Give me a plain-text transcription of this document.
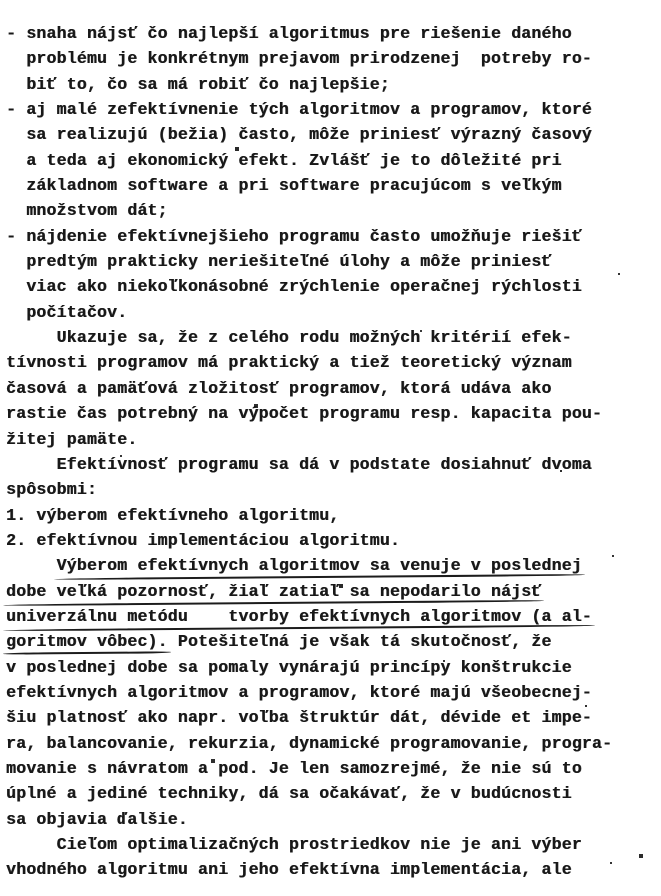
- snaha nájsť čo najlepší algoritmus pre riešenie daného
problému je konkrétnym prejavom prirodzenej  potreby ro-
biť to, čo sa má robiť čo najlepšie;
- aj malé zefektívnenie tých algoritmov a programov, ktoré
sa realizujú (bežia) často, môže priniesť výrazný časový
a teda aj ekonomický efekt. Zvlášť je to dôležité pri
základnom software a pri software pracujúcom s veľkým
množstvom dát;
- nájdenie efektívnejšieho programu často umožňuje riešiť
predtým prakticky neriešiteľné úlohy a môže priniesť
viac ako niekoľkonásobné zrýchlenie operačnej rýchlosti
počítačov.
Ukazuje sa, že z celého rodu možných kritérií efek-
tívnosti programov má praktický a tiež teoretický význam
časová a pamäťová zložitosť programov, ktorá udáva ako
rastie čas potrebný na výpočet programu resp. kapacita pou-
žitej pamäte.
Efektívnosť programu sa dá v podstate dosiahnuť dvoma
spôsobmi:
1. výberom efektívneho algoritmu,
2. efektívnou implementáciou algoritmu.
Výberom efektívnych algoritmov sa venuje v poslednej
dobe veľká pozornosť, žiaľ zatiaľ sa nepodarilo nájsť
univerzálnu metódu    tvorby efektívnych algoritmov (a al-
goritmov vôbec). Potešiteľná je však tá skutočnosť, že
v poslednej dobe sa pomaly vynárajú princípy konštrukcie
efektívnych algoritmov a programov, ktoré majú všeobecnej-
šiu platnosť ako napr. voľba štruktúr dát, dévide et impe-
ra, balancovanie, rekurzia, dynamické programovanie, progra-
movanie s návratom a pod. Je len samozrejmé, že nie sú to
úplné a jediné techniky, dá sa očakávať, že v budúcnosti
sa objavia ďalšie.
Cieľom optimalizačných prostriedkov nie je ani výber
vhodného algoritmu ani jeho efektívna implementácia, ale
